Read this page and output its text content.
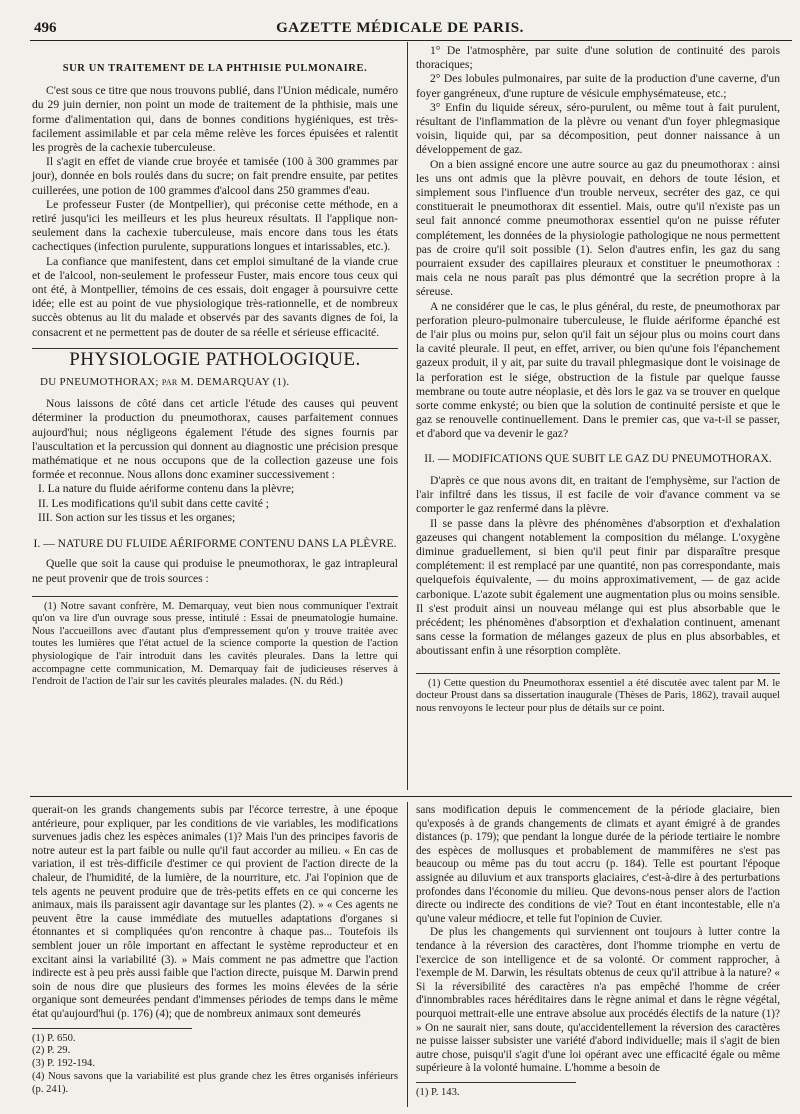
496	GAZETTE MÉDICALE DE PARIS.
SUR UN TRAITEMENT DE LA PHTHISIE PULMONAIRE.

C'est sous ce titre que nous trouvons publié, dans l'Union médicale, numéro du 29 juin dernier, non point un mode de traitement de la phthisie, mais une forme d'alimentation qui, dans de bonnes conditions hygiéniques, est très-facilement assimilable et par cela même relève les forces épuisées et ralentit les progrès de la cachexie tuberculeuse.

Il s'agit en effet de viande crue broyée et tamisée (100 à 300 grammes par jour), donnée en bols roulés dans du sucre; on fait prendre ensuite, par petites cuillerées, une potion de 100 grammes d'alcool dans 250 grammes d'eau.

Le professeur Fuster (de Montpellier), qui préconise cette méthode, en a retiré jusqu'ici les meilleurs et les plus heureux résultats. Il l'applique non-seulement dans la cachexie tuberculeuse, mais encore dans tous les états cachectiques (infection purulente, suppurations longues et intarissables, etc.).

La confiance que manifestent, dans cet emploi simultané de la viande crue et de l'alcool, non-seulement le professeur Fuster, mais encore tous ceux qui ont été, à Montpellier, témoins de ces essais, doit engager à poursuivre cette idée; elle est au point de vue physiologique très-rationnelle, et de nombreux succès obtenus au lit du malade et observés par des savants dignes de foi, la consacrent et ne permettent pas de douter de sa réelle et sérieuse efficacité.

PHYSIOLOGIE PATHOLOGIQUE.
DU PNEUMOTHORAX; par M. DEMARQUAY (1).

Nous laissons de côté dans cet article l'étude des causes qui peuvent déterminer la production du pneumothorax, causes parfaitement connues aujourd'hui; nous négligeons également l'étude des signes fournis par l'auscultation et la percussion qui donnent au diagnostic une précision presque mathématique et ne nous occupons que de la collection gazeuse une fois formée et reconnue. Nous allons donc examiner successivement :

I. La nature du fluide aériforme contenu dans la plèvre;

II. Les modifications qu'il subit dans cette cavité ;

III. Son action sur les tissus et les organes;

I. — NATURE DU FLUIDE AÉRIFORME CONTENU DANS LA PLÈVRE.

Quelle que soit la cause qui produise le pneumothorax, le gaz intrapleural ne peut provenir que de trois sources :

(1) Notre savant confrère, M. Demarquay, veut bien nous communiquer l'extrait qu'on va lire d'un ouvrage sous presse, intitulé : Essai de pneumatologie humaine. Nous l'accueillons avec d'autant plus d'empressement qu'on y trouve traitée avec toutes les lumières que l'état actuel de la science comporte la question de l'action physiologique de l'air introduit dans les cavités pleurales. Dans la lettre qui accompagne cette communication, M. Demarquay fait de judicieuses réserves à l'endroit de l'action de l'air sur les cavités pleurales malades. (N. du Réd.)

1° De l'atmosphère, par suite d'une solution de continuité des parois thoraciques;

2° Des lobules pulmonaires, par suite de la production d'une caverne, d'un foyer gangréneux, d'une rupture de vésicule emphysémateuse, etc.;

3° Enfin du liquide séreux, séro-purulent, ou même tout à fait purulent, résultant de l'inflammation de la plèvre ou venant d'un foyer phlegmasique voisin, liquide qui, par sa décomposition, peut donner naissance à un développement de gaz.

On a bien assigné encore une autre source au gaz du pneumothorax : ainsi les uns ont admis que la plèvre pouvait, en dehors de toute lésion, et simplement sous l'influence d'un trouble nerveux, secréter des gaz, ce qui constituerait le pneumothorax dit essentiel. Mais, outre qu'il n'existe pas un seul fait annoncé comme pneumothorax essentiel qu'on ne puisse réfuter complétement, les données de la physiologie pathologique ne nous permettent pas de croire qu'il soit possible (1). Selon d'autres enfin, les gaz du sang pourraient exsuder des capillaires pleuraux et constituer le pneumothorax : mais cela ne nous paraît pas plus démontré que la secrétion propre à la séreuse.

A ne considérer que le cas, le plus général, du reste, de pneumothorax par perforation pleuro-pulmonaire tuberculeuse, le fluide aériforme épanché est de l'air plus ou moins pur, selon qu'il fait un séjour plus ou moins court dans la cavité pleurale. Il peut, en effet, arriver, ou bien qu'une fois l'épanchement gazeux produit, il y ait, par suite du travail phlegmasique dont le voisinage de la perforation est le siége, obstruction de la fistule par quelque fausse membrane ou toute autre néoplasie, et dès lors le gaz va se trouver en quelque sorte comme enkysté; ou bien que la solution de continuité persiste et que le gaz se renouvelle continuellement. Dans le premier cas, que va-t-il se passer, et d'abord que va devenir le gaz?

II. — MODIFICATIONS QUE SUBIT LE GAZ DU PNEUMOTHORAX.

D'après ce que nous avons dit, en traitant de l'emphysème, sur l'action de l'air infiltré dans les tissus, il est facile de voir d'avance comment va se comporter le gaz renfermé dans la plèvre.

Il se passe dans la plèvre des phénomènes d'absorption et d'exhalation gazeuses qui changent notablement la composition du mélange. L'oxygène diminue graduellement, si bien qu'il peut finir par disparaître presque complétement: il est remplacé par une quantité, non pas correspondante, mais quelquefois équivalente, — du moins approximativement, — de gaz acide carbonique. L'azote subit également une augmentation plus ou moins sensible. Il s'est produit ainsi un nouveau mélange qui est plus absorbable que le précédent; les phénomènes d'absorption et d'exhalation continuent, amenant sans cesse la formation de mélanges gazeux de plus en plus absorbables, et aboutissant enfin à une résorption complète.

(1) Cette question du Pneumothorax essentiel a été discutée avec talent par M. le docteur Proust dans sa dissertation inaugurale (Thèses de Paris, 1862), travail auquel nous renvoyons le lecteur pour plus de détails sur ce point.

querait-on les grands changements subis par l'écorce terrestre, à une époque antérieure, pour expliquer, par les conditions de vie variables, les modifications survenues jadis chez les espèces animales (1)? Mais l'un des principes favoris de notre auteur est la part faible ou nulle qu'il faut accorder au milieu. « En cas de variation, il est très-difficile d'estimer ce qui provient de l'action directe de la chaleur, de l'humidité, de la lumière, de la nourriture, etc. J'ai l'opinion que de tels agents ne peuvent produire que de très-petits effets en ce qui concerne les animaux, mais ils paraissent agir davantage sur les plantes (2). » « Ces agents ne peuvent être la cause immédiate des mutuelles adaptations d'organes si étonnantes et si compliquées qu'on rencontre à chaque pas... Toutefois ils semblent jouer un rôle important en affectant le système reproducteur et en excitant ainsi la variabilité (3). » Mais comment ne pas admettre que l'action indirecte est à peu près aussi faible que l'action directe, puisque M. Darwin prend soin de nous dire que plusieurs des formes les moins élevées de la série organique sont demeurées pendant d'immenses périodes de temps dans le même état qu'aujourd'hui (p. 176) (4); que de nombreux animaux sont demeurés

(1) P. 650.
(2) P. 29.
(3) P. 192-194.
(4) Nous savons que la variabilité est plus grande chez les êtres organisés inférieurs (p. 241).

sans modification depuis le commencement de la période glaciaire, bien qu'exposés à de grands changements de climats et ayant émigré à de grandes distances (p. 179); que pendant la longue durée de la période tertiaire le nombre des espèces de mollusques et probablement de mammifères ne s'est pas beaucoup ou même pas du tout accru (p. 184). Telle est pourtant l'époque assignée au diluvium et aux transports glaciaires, c'est-à-dire à des perturbations profondes dans l'économie du milieu. Que devons-nous penser alors de l'action directe ou indirecte des conditions de vie? Tout en étant incontestable, elle n'a qu'une valeur médiocre, et telle fut l'opinion de Cuvier.

De plus les changements qui surviennent ont toujours à lutter contre la tendance à la réversion des caractères, dont l'homme triomphe en vertu de l'exercice de son intelligence et de sa volonté. Or comment rapprocher, à l'exemple de M. Darwin, les résultats obtenus de ceux qu'il attribue à la nature? « Si la réversibilité des caractères n'a pas empêché l'homme de créer d'innombrables races héréditaires dans le règne animal et dans le règne végétal, pourquoi mettrait-elle une entrave absolue aux procédés électifs de la nature (1)? » On ne saurait nier, sans doute, qu'accidentellement la réversion des caractères ne puisse laisser subsister une variété d'abord individuelle; mais il s'agit de bien autre chose, puisqu'il s'agit d'une loi opérant avec une efficacité égale ou même supérieure à la volonté humaine. L'homme a besoin de

(1) P. 143.
